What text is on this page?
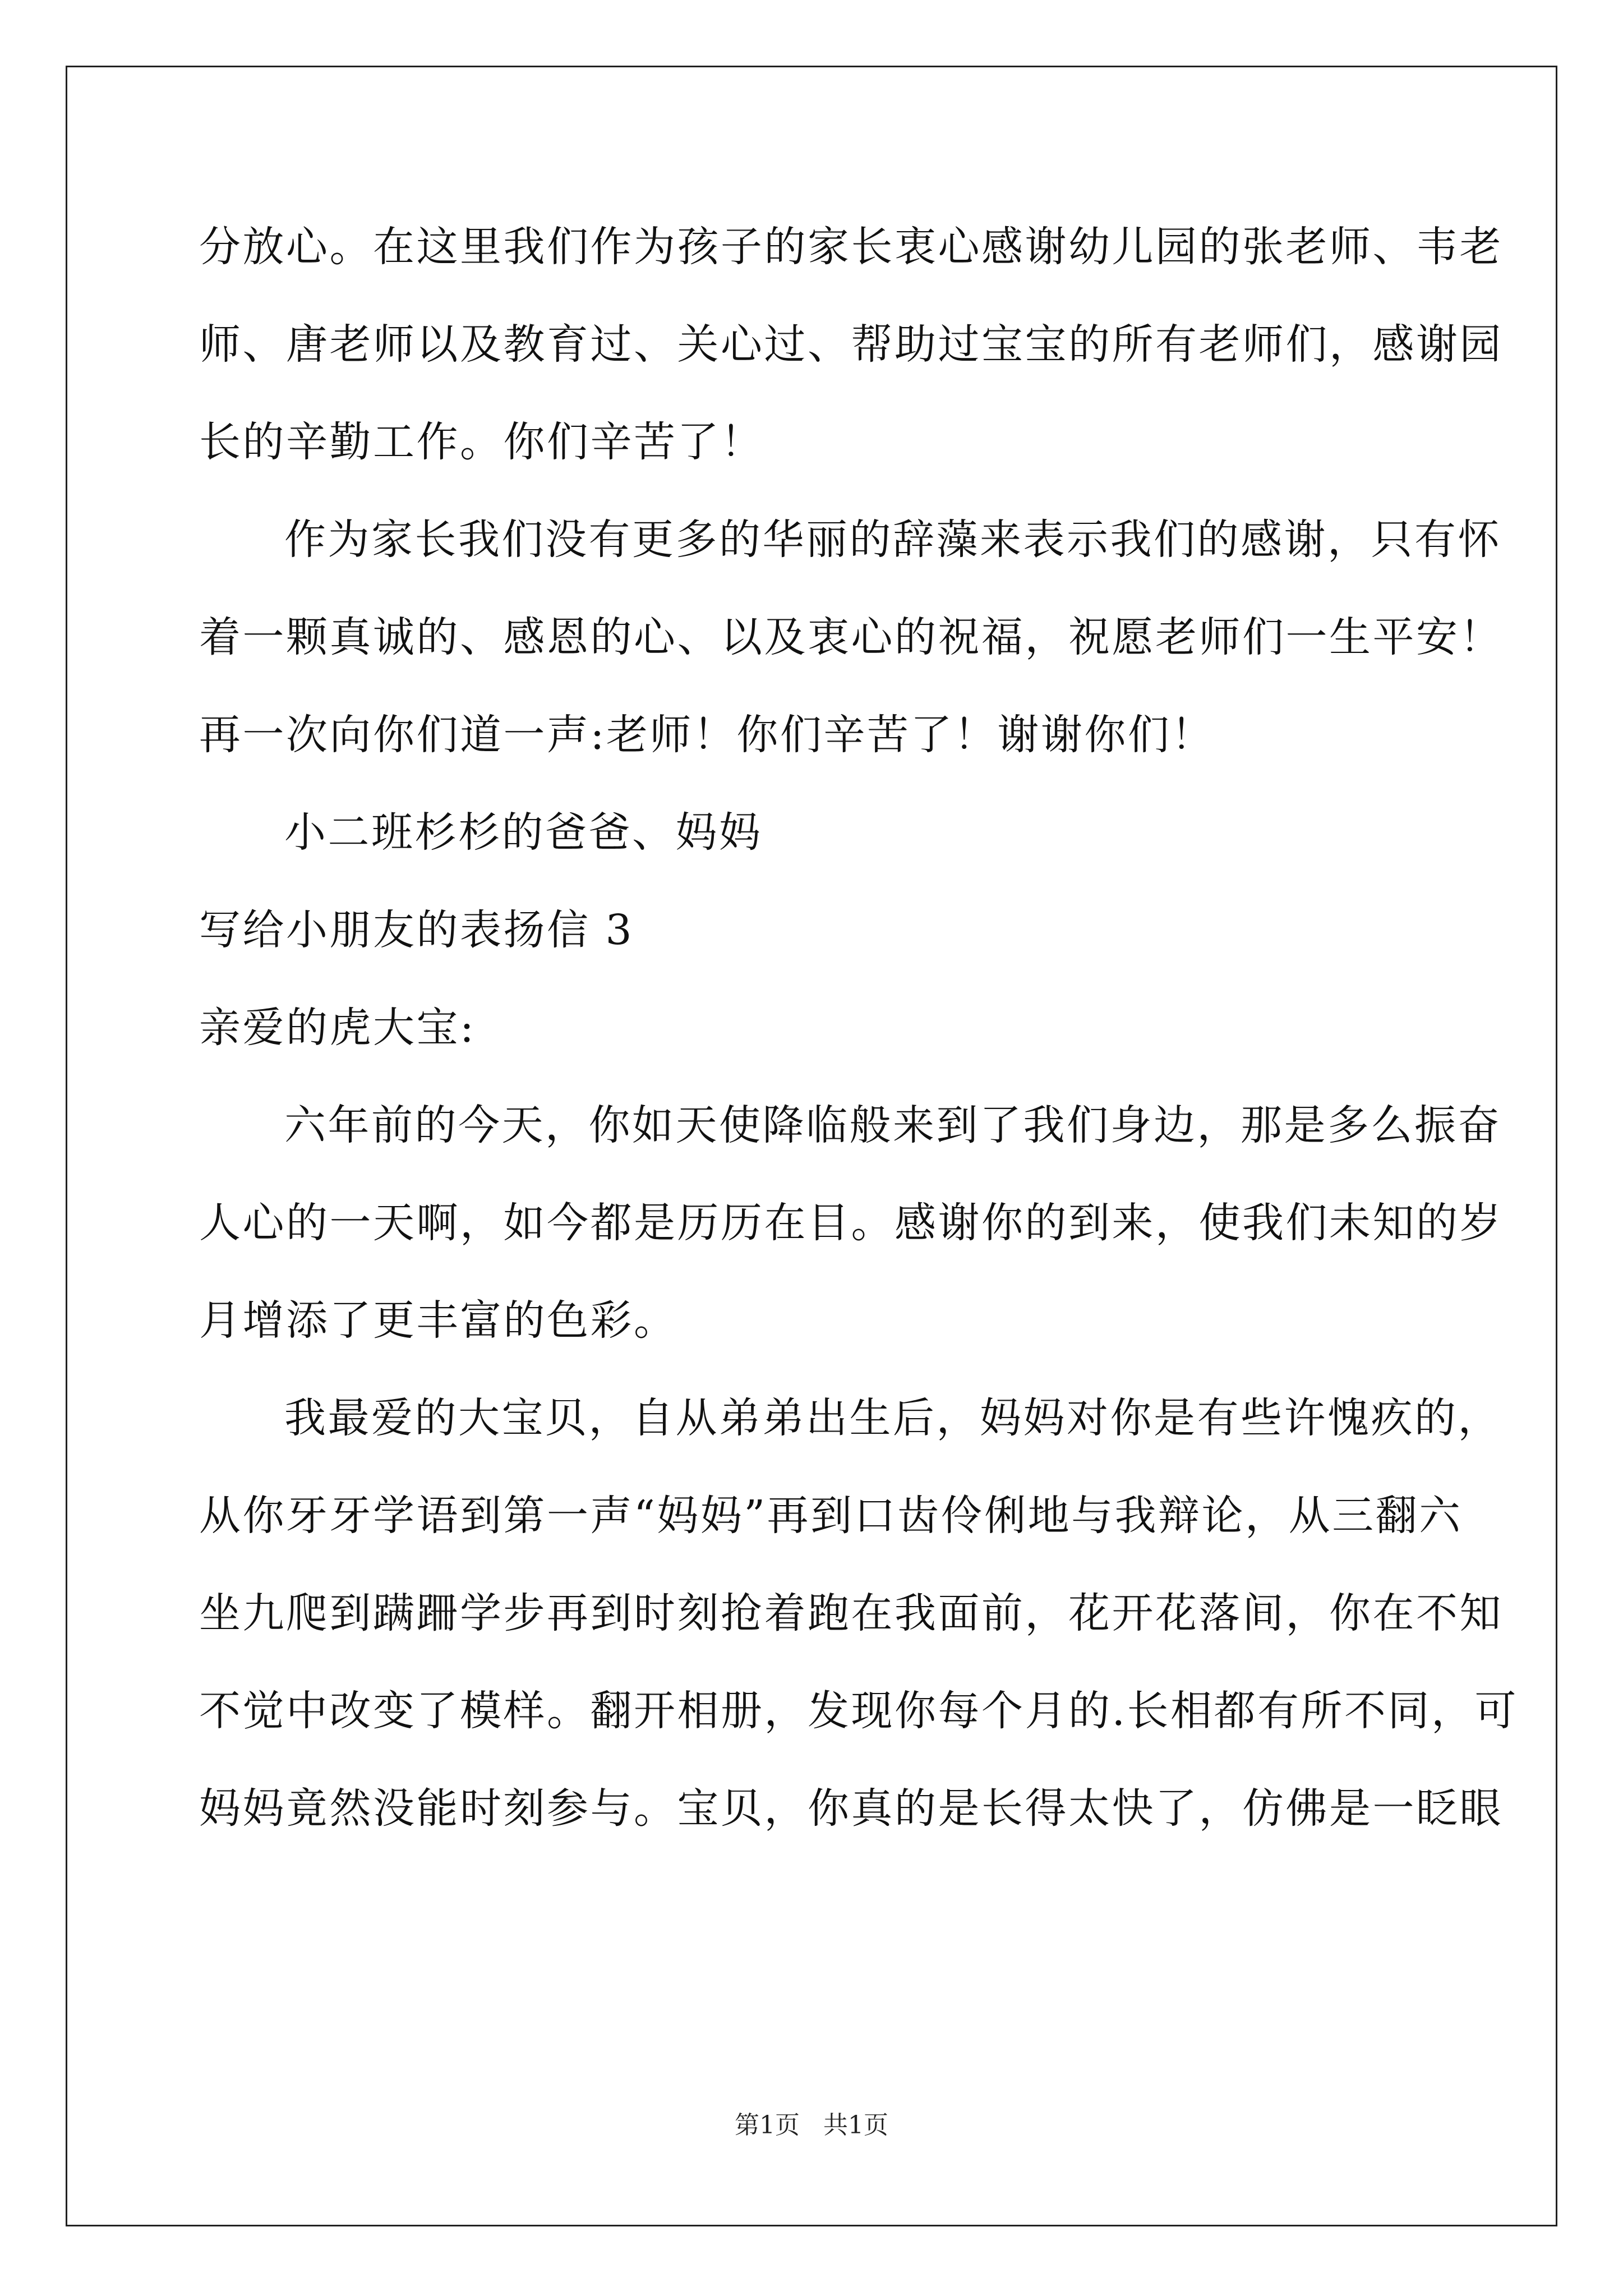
分放心。在这里我们作为孩子的家长衷心感谢幼儿园的张老师、韦老
师、唐老师以及教育过、关心过、帮助过宝宝的所有老师们，感谢园
长的辛勤工作。你们辛苦了！
作为家长我们没有更多的华丽的辞藻来表示我们的感谢，只有怀
着一颗真诚的、感恩的心、以及衷心的祝福，祝愿老师们一生平安！
再一次向你们道一声:老师！你们辛苦了！谢谢你们！
小二班杉杉的爸爸、妈妈
写给小朋友的表扬信 3
亲爱的虎大宝:
六年前的今天，你如天使降临般来到了我们身边，那是多么振奋
人心的一天啊，如今都是历历在目。感谢你的到来，使我们未知的岁
月增添了更丰富的色彩。
我最爱的大宝贝，自从弟弟出生后，妈妈对你是有些许愧疚的，
从你牙牙学语到第一声“妈妈”再到口齿伶俐地与我辩论，从三翻六
坐九爬到蹒跚学步再到时刻抢着跑在我面前，花开花落间，你在不知
不觉中改变了模样。翻开相册，发现你每个月的.长相都有所不同，可
妈妈竟然没能时刻参与。宝贝，你真的是长得太快了，仿佛是一眨眼
第1页   共1页
